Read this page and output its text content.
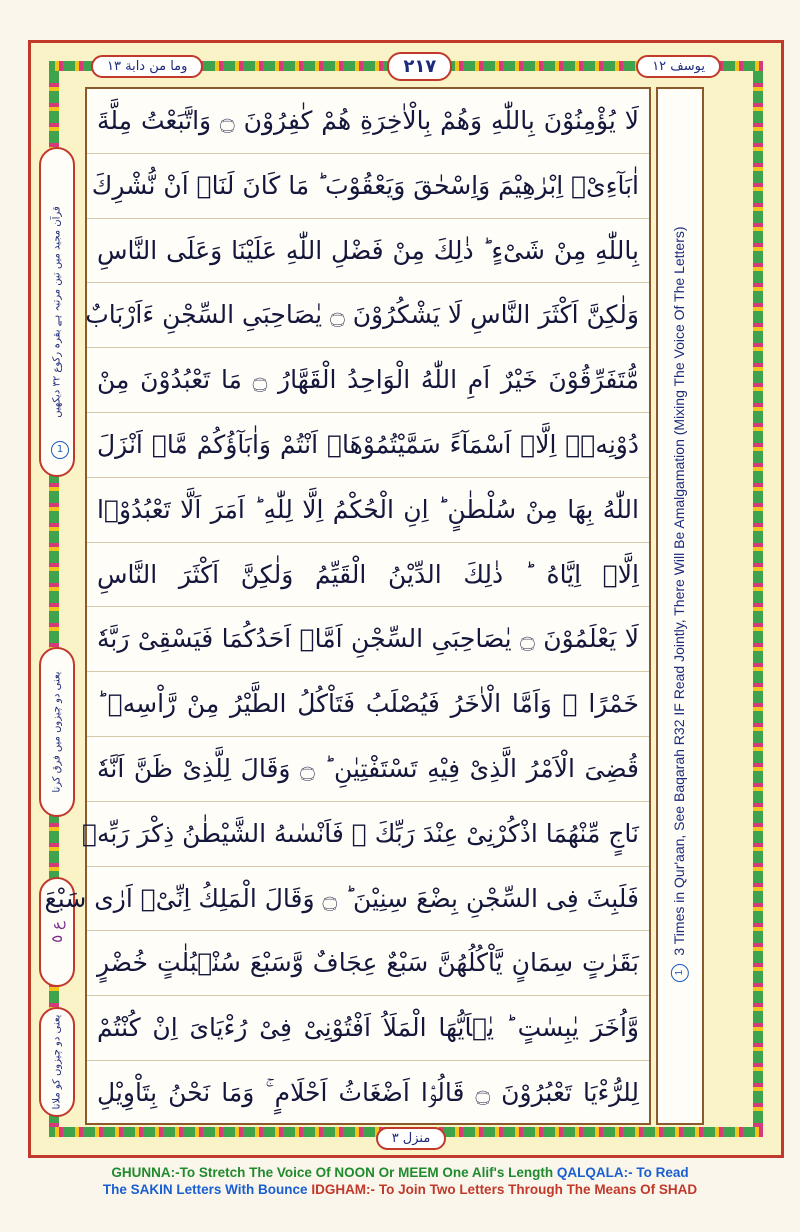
وما من دابة ١٣	٢١٧	يوسف ١٢
قرآن مجید میں تین مرتبہ ہے بقرہ رکوع ٣٢ دیکھیں
1
یعنی دو چیزوں میں فرق کرنا
ع ٥
یعنی دو چیزوں کو ملانا
لَا يُؤْمِنُوْنَ بِاللّٰهِ وَهُمْ بِالْاٰخِرَةِ هُمْ كٰفِرُوْنَ ۝ وَاتَّبَعْتُ مِلَّةَ
اٰبَآءِیْۤ اِبْرٰهِیْمَ وَاِسْحٰقَ وَیَعْقُوْبَ ؕ مَا كَانَ لَنَاۤ اَنْ نُّشْرِكَ
بِاللّٰهِ مِنْ شَیْءٍ ؕ ذٰلِكَ مِنْ فَضْلِ اللّٰهِ عَلَیْنَا وَعَلَى النَّاسِ
وَلٰكِنَّ اَكْثَرَ النَّاسِ لَا یَشْكُرُوْنَ ۝ یٰصَاحِبَیِ السِّجْنِ ءَاَرْبَابٌ
مُّتَفَرِّقُوْنَ خَیْرٌ اَمِ اللّٰهُ الْوَاحِدُ الْقَهَّارُ ۝ مَا تَعْبُدُوْنَ مِنْ
دُوْنِهٖۤ اِلَّاۤ اَسْمَآءً سَمَّیْتُمُوْهَاۤ اَنْتُمْ وَاٰبَآؤُكُمْ مَّاۤ اَنْزَلَ
اللّٰهُ بِهَا مِنْ سُلْطٰنٍ ؕ اِنِ الْحُكْمُ اِلَّا لِلّٰهِ ؕ اَمَرَ اَلَّا تَعْبُدُوْۤا
اِلَّاۤ اِیَّاهُ ؕ ذٰلِكَ الدِّیْنُ الْقَیِّمُ وَلٰكِنَّ اَكْثَرَ النَّاسِ
لَا یَعْلَمُوْنَ ۝ یٰصَاحِبَیِ السِّجْنِ اَمَّاۤ اَحَدُكُمَا فَیَسْقِیْ رَبَّهٗ
خَمْرًا ۚ وَاَمَّا الْاٰخَرُ فَیُصْلَبُ فَتَاْكُلُ الطَّیْرُ مِنْ رَّاْسِهٖ ؕ
قُضِیَ الْاَمْرُ الَّذِیْ فِیْهِ تَسْتَفْتِیٰنِ ؕ ۝ وَقَالَ لِلَّذِیْ ظَنَّ اَنَّهٗ
نَاجٍ مِّنْهُمَا اذْكُرْنِیْ عِنْدَ رَبِّكَ ؗ فَاَنْسٰىهُ الشَّیْطٰنُ ذِكْرَ رَبِّهٖ
فَلَبِثَ فِی السِّجْنِ بِضْعَ سِنِیْنَ ؕ ۝ وَقَالَ الْمَلِكُ اِنِّیْۤ اَرٰى سَبْعَ
بَقَرٰتٍ سِمَانٍ یَّاْكُلُهُنَّ سَبْعٌ عِجَافٌ وَّسَبْعَ سُنْۢبُلٰتٍ خُضْرٍ
وَّاُخَرَ یٰبِسٰتٍ ؕ یٰۤاَیُّهَا الْمَلَاُ اَفْتُوْنِیْ فِیْ رُءْیَایَ اِنْ كُنْتُمْ
لِلرُّءْیَا تَعْبُرُوْنَ ۝ قَالُوْۤا اَضْغَاثُ اَحْلَامٍ ۚ وَمَا نَحْنُ بِتَاْوِیْلِ
1 3 Times in Qur'aan, See Baqarah R32 IF Read Jointly, There Will Be Amalgamation (Mixing The Voice Of The Letters)
منزل ٣
GHUNNA:-To Stretch The Voice Of NOON Or MEEM One Alif's Length QALQALA:- To Read
The SAKIN Letters With Bounce IDGHAM:- To Join Two Letters Through The Means Of SHAD
